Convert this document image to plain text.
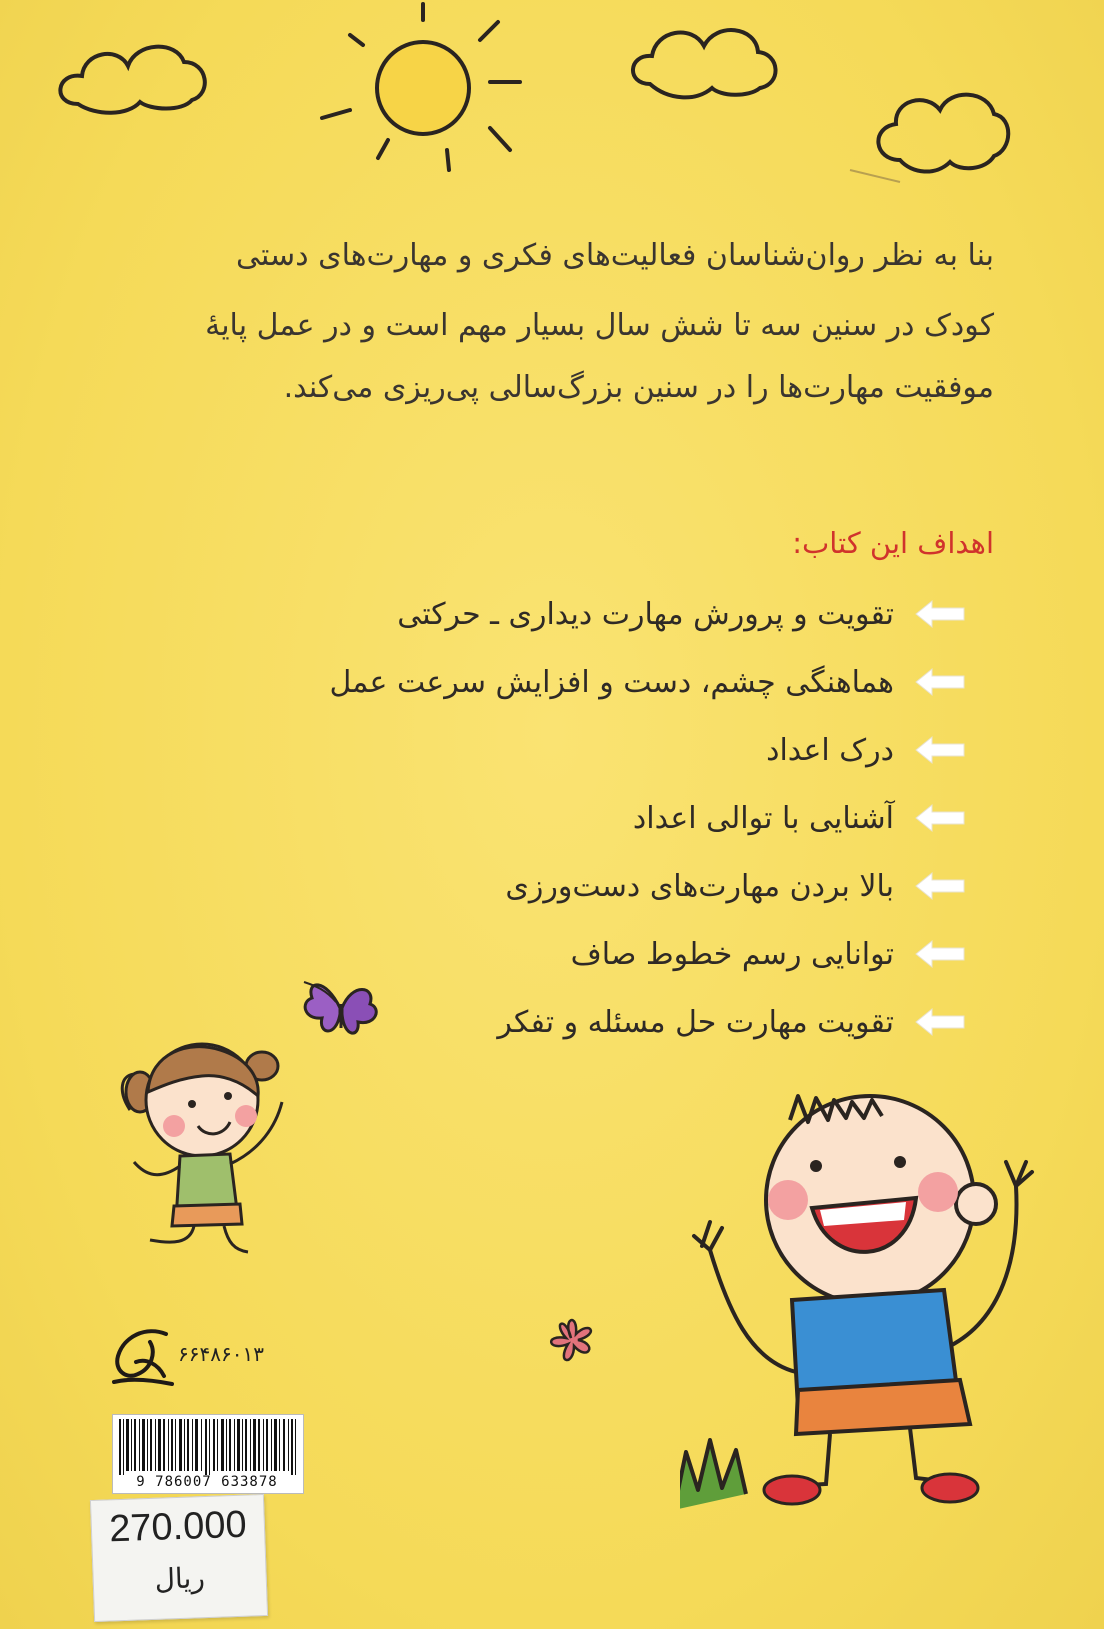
بنا به نظر روان‌شناسان فعالیت‌های فکری و مهارت‌های دستی
کودک در سنین سه تا شش سال بسیار مهم است و در عمل پایهٔ
موفقیت مهارت‌ها را در سنین بزرگ‌سالی پی‌ریزی می‌کند.
اهداف این کتاب:
تقویت و پرورش مهارت دیداری ـ حرکتی
هماهنگی چشم، دست و افزایش سرعت عمل
درک اعداد
آشنایی با توالی اعداد
بالا بردن مهارت‌های دست‌ورزی
توانایی رسم خطوط صاف
تقویت مهارت حل مسئله و تفکر
۶۶۴۸۶۰۱۳
9 786007 633878
270.000
ریال
